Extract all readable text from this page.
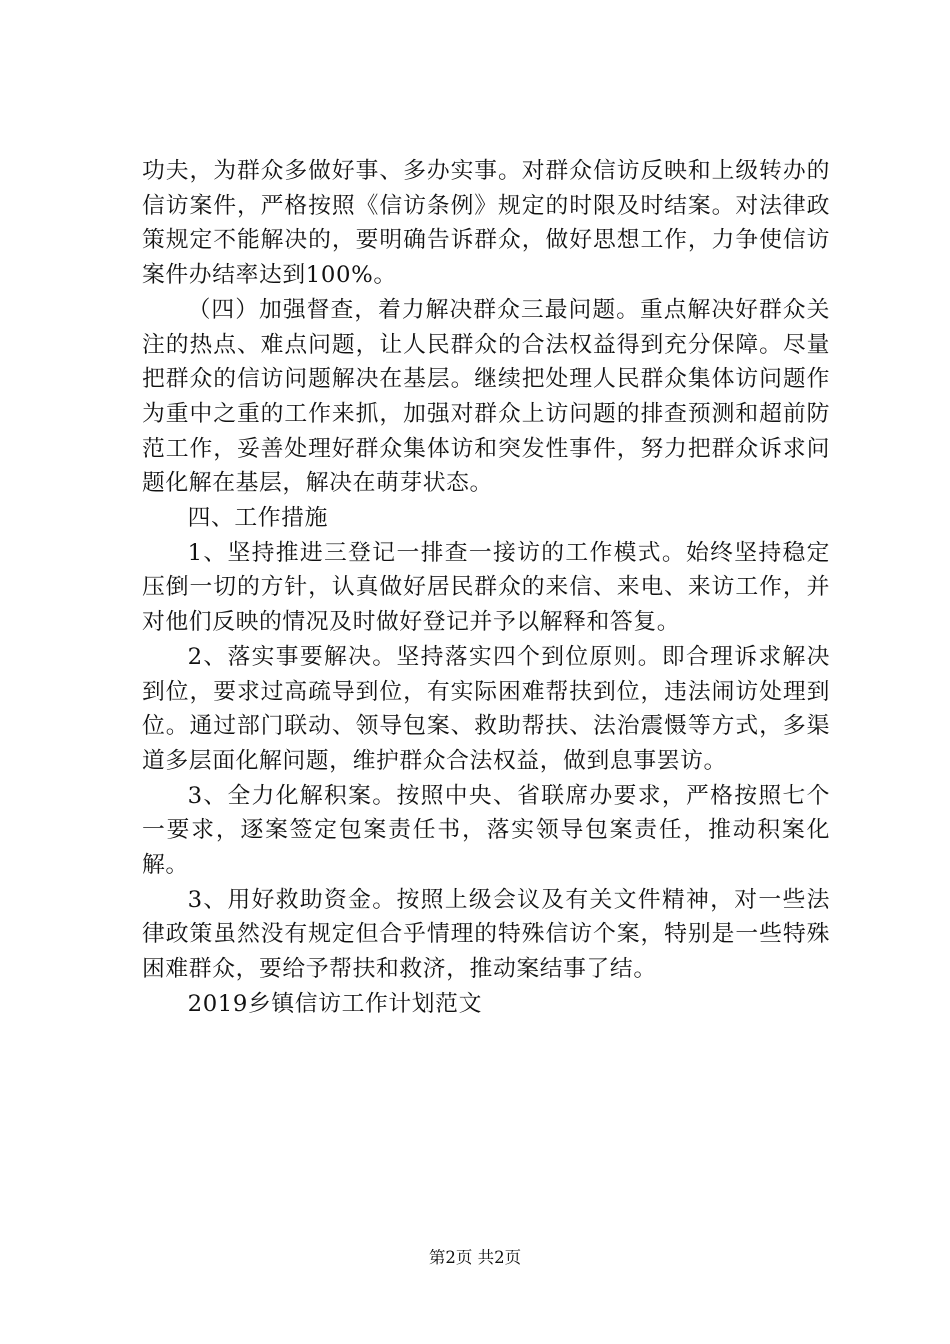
功夫，为群众多做好事、多办实事。对群众信访反映和上级转办的信访案件，严格按照《信访条例》规定的时限及时结案。对法律政策规定不能解决的，要明确告诉群众，做好思想工作，力争使信访案件办结率达到100%。

（四）加强督查，着力解决群众三最问题。重点解决好群众关注的热点、难点问题，让人民群众的合法权益得到充分保障。尽量把群众的信访问题解决在基层。继续把处理人民群众集体访问题作为重中之重的工作来抓，加强对群众上访问题的排查预测和超前防范工作，妥善处理好群众集体访和突发性事件，努力把群众诉求问题化解在基层，解决在萌芽状态。

四、工作措施

1、坚持推进三登记一排查一接访的工作模式。始终坚持稳定压倒一切的方针，认真做好居民群众的来信、来电、来访工作，并对他们反映的情况及时做好登记并予以解释和答复。

2、落实事要解决。坚持落实四个到位原则。即合理诉求解决到位，要求过高疏导到位，有实际困难帮扶到位，违法闹访处理到位。通过部门联动、领导包案、救助帮扶、法治震慑等方式，多渠道多层面化解问题，维护群众合法权益，做到息事罢访。

3、全力化解积案。按照中央、省联席办要求，严格按照七个一要求，逐案签定包案责任书，落实领导包案责任，推动积案化解。

3、用好救助资金。按照上级会议及有关文件精神，对一些法律政策虽然没有规定但合乎情理的特殊信访个案，特别是一些特殊困难群众，要给予帮扶和救济，推动案结事了结。

2019乡镇信访工作计划范文

第2页 共2页
